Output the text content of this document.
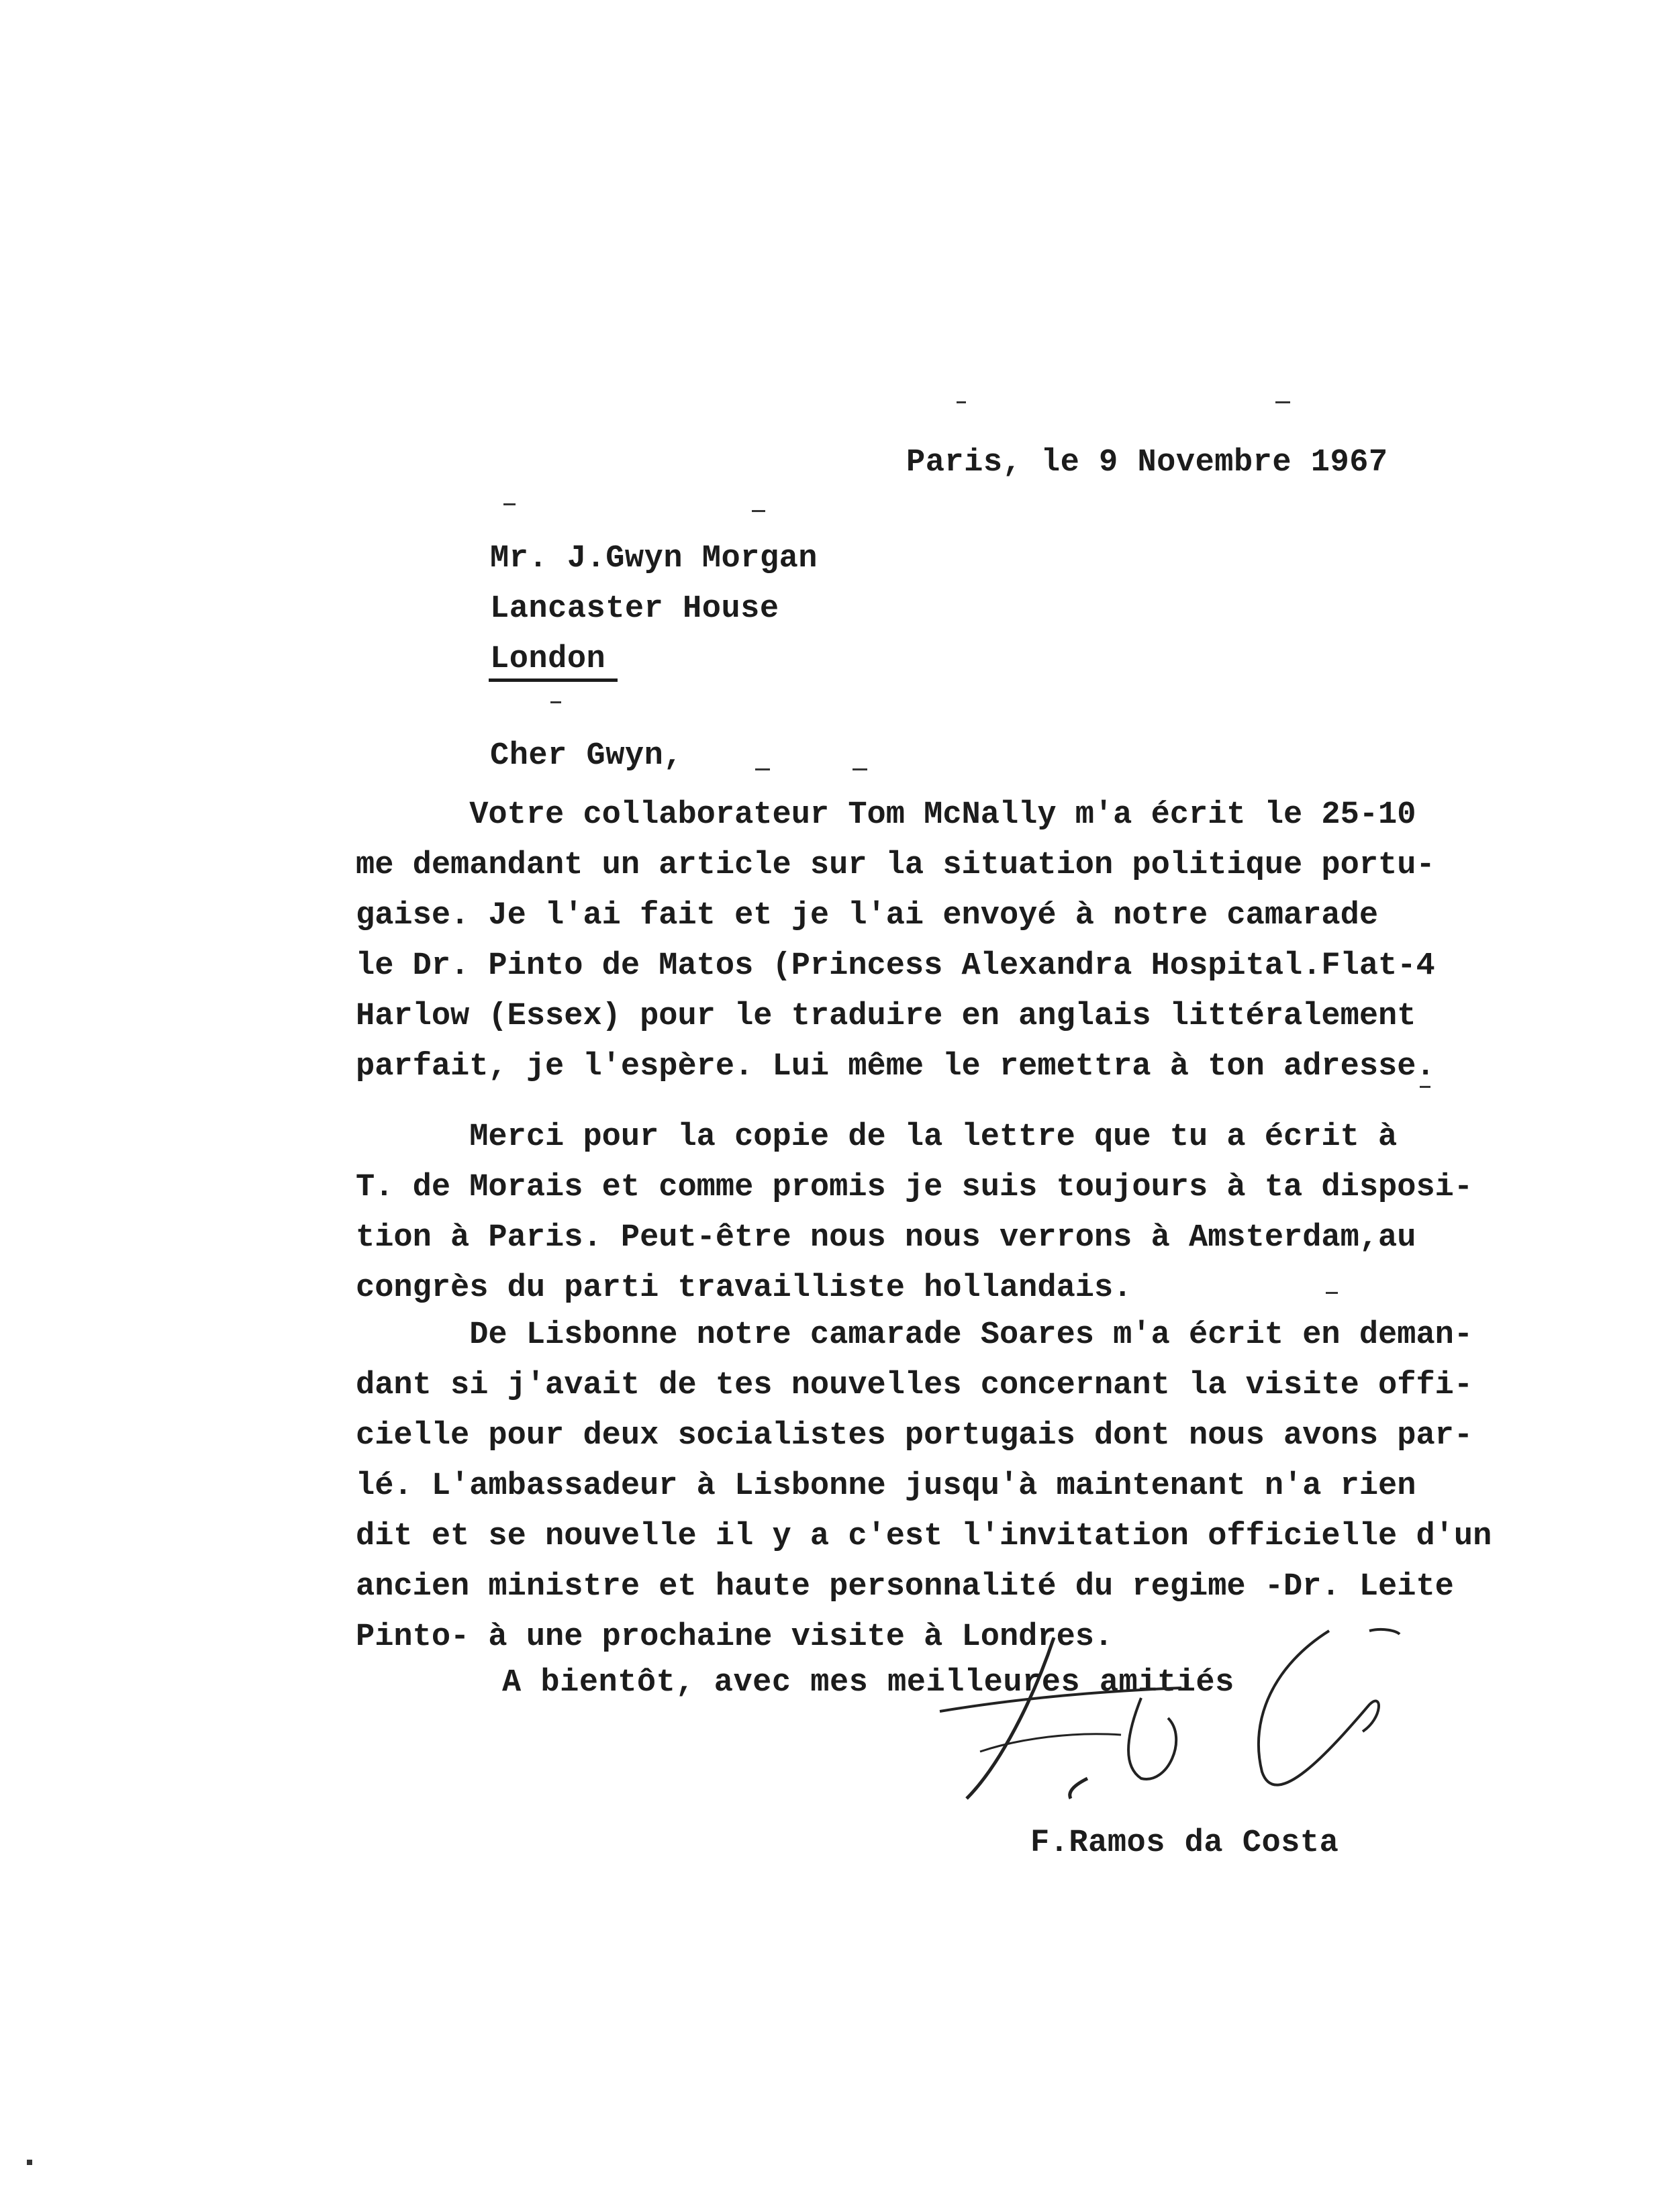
Paris, le 9 Novembre 1967
Mr. J.Gwyn Morgan
Lancaster House
London
Cher Gwyn,
Votre collaborateur Tom McNally m'a écrit le 25-10
me demandant un article sur la situation politique portu-
gaise. Je l'ai fait et je l'ai envoyé à notre camarade
le Dr. Pinto de Matos (Princess Alexandra Hospital.Flat-4
Harlow (Essex) pour le traduire en anglais littéralement
parfait, je l'espère. Lui même le remettra à ton adresse.
Merci pour la copie de la lettre que tu a écrit à
T. de Morais et comme promis je suis toujours à ta disposi-
tion à Paris. Peut-être nous nous verrons à Amsterdam,au
congrès du parti travailliste hollandais.
De Lisbonne notre camarade Soares m'a écrit en deman-
dant si j'avait de tes nouvelles concernant la visite offi-
cielle pour deux socialistes portugais dont nous avons par-
lé. L'ambassadeur à Lisbonne jusqu'à maintenant n'a rien
dit et se nouvelle il y a c'est l'invitation officielle d'un
ancien ministre et haute personnalité du regime -Dr. Leite
Pinto- à une prochaine visite à Londres.
A bientôt, avec mes meilleures amitiés
F.Ramos da Costa
